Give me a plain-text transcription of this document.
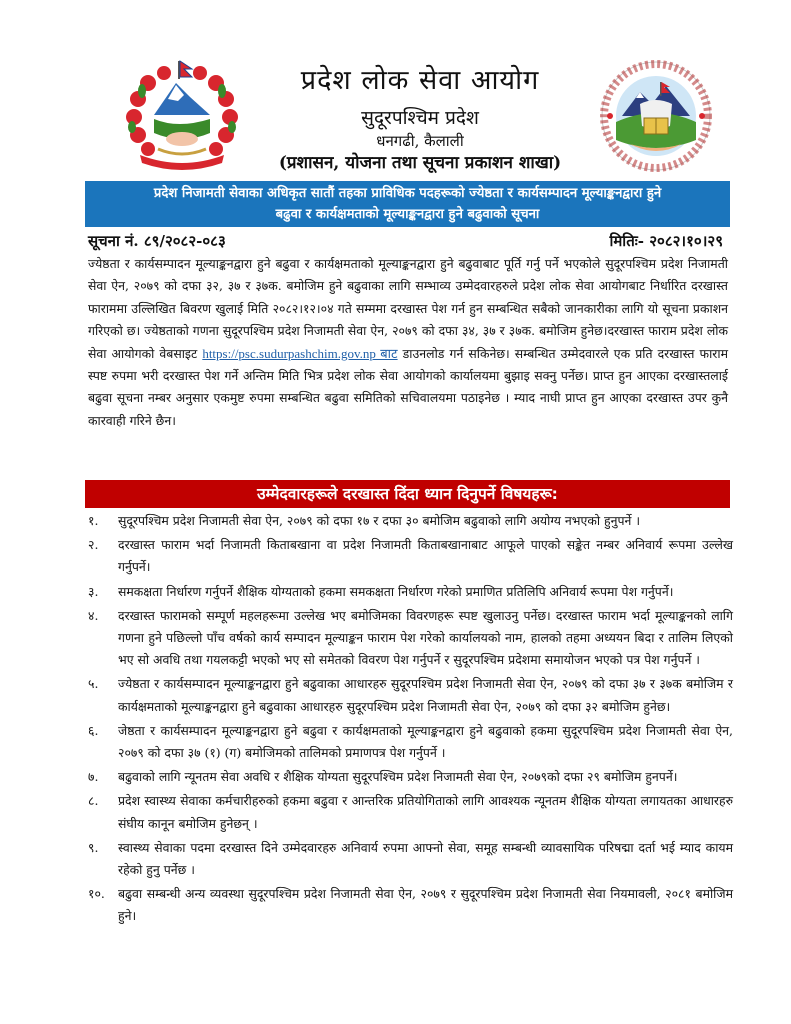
प्रदेश लोक सेवा आयोग
सुदूरपश्चिम प्रदेश
धनगढी, कैलाली
(प्रशासन, योजना तथा सूचना प्रकाशन शाखा)
प्रदेश निजामती सेवाका अधिकृत सातौं तहका प्राविधिक पदहरूको ज्येष्ठता र कार्यसम्पादन मूल्याङ्कनद्वारा हुने
बढुवा र कार्यक्षमताको मूल्याङ्कनद्वारा हुने बढुवाको सूचना
सूचना नं. ८९/२०८२-०८३	मितिः- २०८२।१०।२९
ज्येष्ठता र कार्यसम्पादन मूल्याङ्कनद्वारा हुने बढुवा र कार्यक्षमताको मूल्याङ्कनद्वारा हुने बढुवाबाट पूर्ति गर्नु पर्ने भएकोले सुदूरपश्चिम प्रदेश निजामती सेवा ऐन, २०७९ को दफा ३२, ३७ र ३७क. बमोजिम हुने बढुवाका लागि सम्भाव्य उम्मेदवारहरुले प्रदेश लोक सेवा आयोगबाट निर्धारित दरखास्त फाराममा उल्लिखित बिवरण खुलाई मिति २०८२।१२।०४ गते सम्ममा दरखास्त पेश गर्न हुन सम्बन्धित सबैको जानकारीका लागि यो सूचना प्रकाशन गरिएको छ। ज्येष्ठताको गणना सुदूरपश्चिम प्रदेश निजामती सेवा ऐन, २०७९ को दफा ३४, ३७ र ३७क. बमोजिम हुनेछ।दरखास्त फाराम प्रदेश लोक सेवा आयोगको वेबसाइट https://psc.sudurpashchim.gov.np बाट डाउनलोड गर्न सकिनेछ। सम्बन्धित उम्मेदवारले एक प्रति दरखास्त फाराम स्पष्ट रुपमा भरी दरखास्त पेश गर्ने अन्तिम मिति भित्र प्रदेश लोक सेवा आयोगको कार्यालयमा बुझाइ सक्नु पर्नेछ। प्राप्त हुन आएका दरखास्तलाई बढुवा सूचना नम्बर अनुसार एकमुष्ट रुपमा सम्बन्धित बढुवा समितिको सचिवालयमा पठाइनेछ । म्याद नाघी प्राप्त हुन आएका दरखास्त उपर कुनै कारवाही गरिने छैन।
उम्मेदवारहरूले दरखास्त दिंदा ध्यान दिनुपर्ने विषयहरू:
१. सुदूरपश्चिम प्रदेश निजामती सेवा ऐन, २०७९ को दफा १७ र दफा ३० बमोजिम बढुवाको लागि अयोग्य नभएको हुनुपर्ने ।
२. दरखास्त फाराम भर्दा निजामती किताबखाना वा प्रदेश निजामती किताबखानाबाट आफूले पाएको सङ्केत नम्बर अनिवार्य रूपमा उल्लेख गर्नुपर्ने।
३. समकक्षता निर्धारण गर्नुपर्ने शैक्षिक योग्यताको हकमा समकक्षता निर्धारण गरेको प्रमाणित प्रतिलिपि अनिवार्य रूपमा पेश गर्नुपर्ने।
४. दरखास्त फारामको सम्पूर्ण महलहरूमा उल्लेख भए बमोजिमका विवरणहरू स्पष्ट खुलाउनु पर्नेछ। दरखास्त फाराम भर्दा मूल्याङ्कनको लागि गणना हुने पछिल्लो पाँच वर्षको कार्य सम्पादन मूल्याङ्कन फाराम पेश गरेको कार्यालयको नाम, हालको तहमा अध्ययन बिदा र तालिम लिएको भए सो अवधि तथा गयलकट्टी भएको भए सो समेतको विवरण पेश गर्नुपर्ने र सुदूरपश्चिम प्रदेशमा समायोजन भएको पत्र पेश गर्नुपर्ने ।
५. ज्येष्ठता र कार्यसम्पादन मूल्याङ्कनद्वारा हुने बढुवाका आधारहरु सुदूरपश्चिम प्रदेश निजामती सेवा ऐन, २०७९ को दफा ३७ र ३७क बमोजिम र कार्यक्षमताको मूल्याङ्कनद्वारा हुने बढुवाका आधारहरु सुदूरपश्चिम प्रदेश निजामती सेवा ऐन, २०७९ को दफा ३२ बमोजिम हुनेछ।
६. जेष्ठता र कार्यसम्पादन मूल्याङ्कनद्वारा हुने बढुवा र कार्यक्षमताको मूल्याङ्कनद्वारा हुने बढुवाको हकमा सुदूरपश्चिम प्रदेश निजामती सेवा ऐन, २०७९ को दफा ३७ (१) (ग) बमोजिमको तालिमको प्रमाणपत्र पेश गर्नुपर्ने ।
७. बढुवाको लागि न्यूनतम सेवा अवधि र शैक्षिक योग्यता सुदूरपश्चिम प्रदेश निजामती सेवा ऐन, २०७९को दफा २९ बमोजिम हुनपर्ने।
८. प्रदेश स्वास्थ्य सेवाका कर्मचारीहरुको हकमा बढुवा र आन्तरिक प्रतियोगिताको लागि आवश्यक न्यूनतम शैक्षिक योग्यता लगायतका आधारहरु संघीय कानून बमोजिम हुनेछन् ।
९. स्वास्थ्य सेवाका पदमा दरखास्त दिने उम्मेदवारहरु अनिवार्य रुपमा आफ्नो सेवा, समूह सम्बन्धी व्यावसायिक परिषद्मा दर्ता भई म्याद कायम रहेको हुनु पर्नेछ ।
१०. बढुवा सम्बन्धी अन्य व्यवस्था सुदूरपश्चिम प्रदेश निजामती सेवा ऐन, २०७९ र सुदूरपश्चिम प्रदेश निजामती सेवा नियमावली, २०८१ बमोजिम हुने।
